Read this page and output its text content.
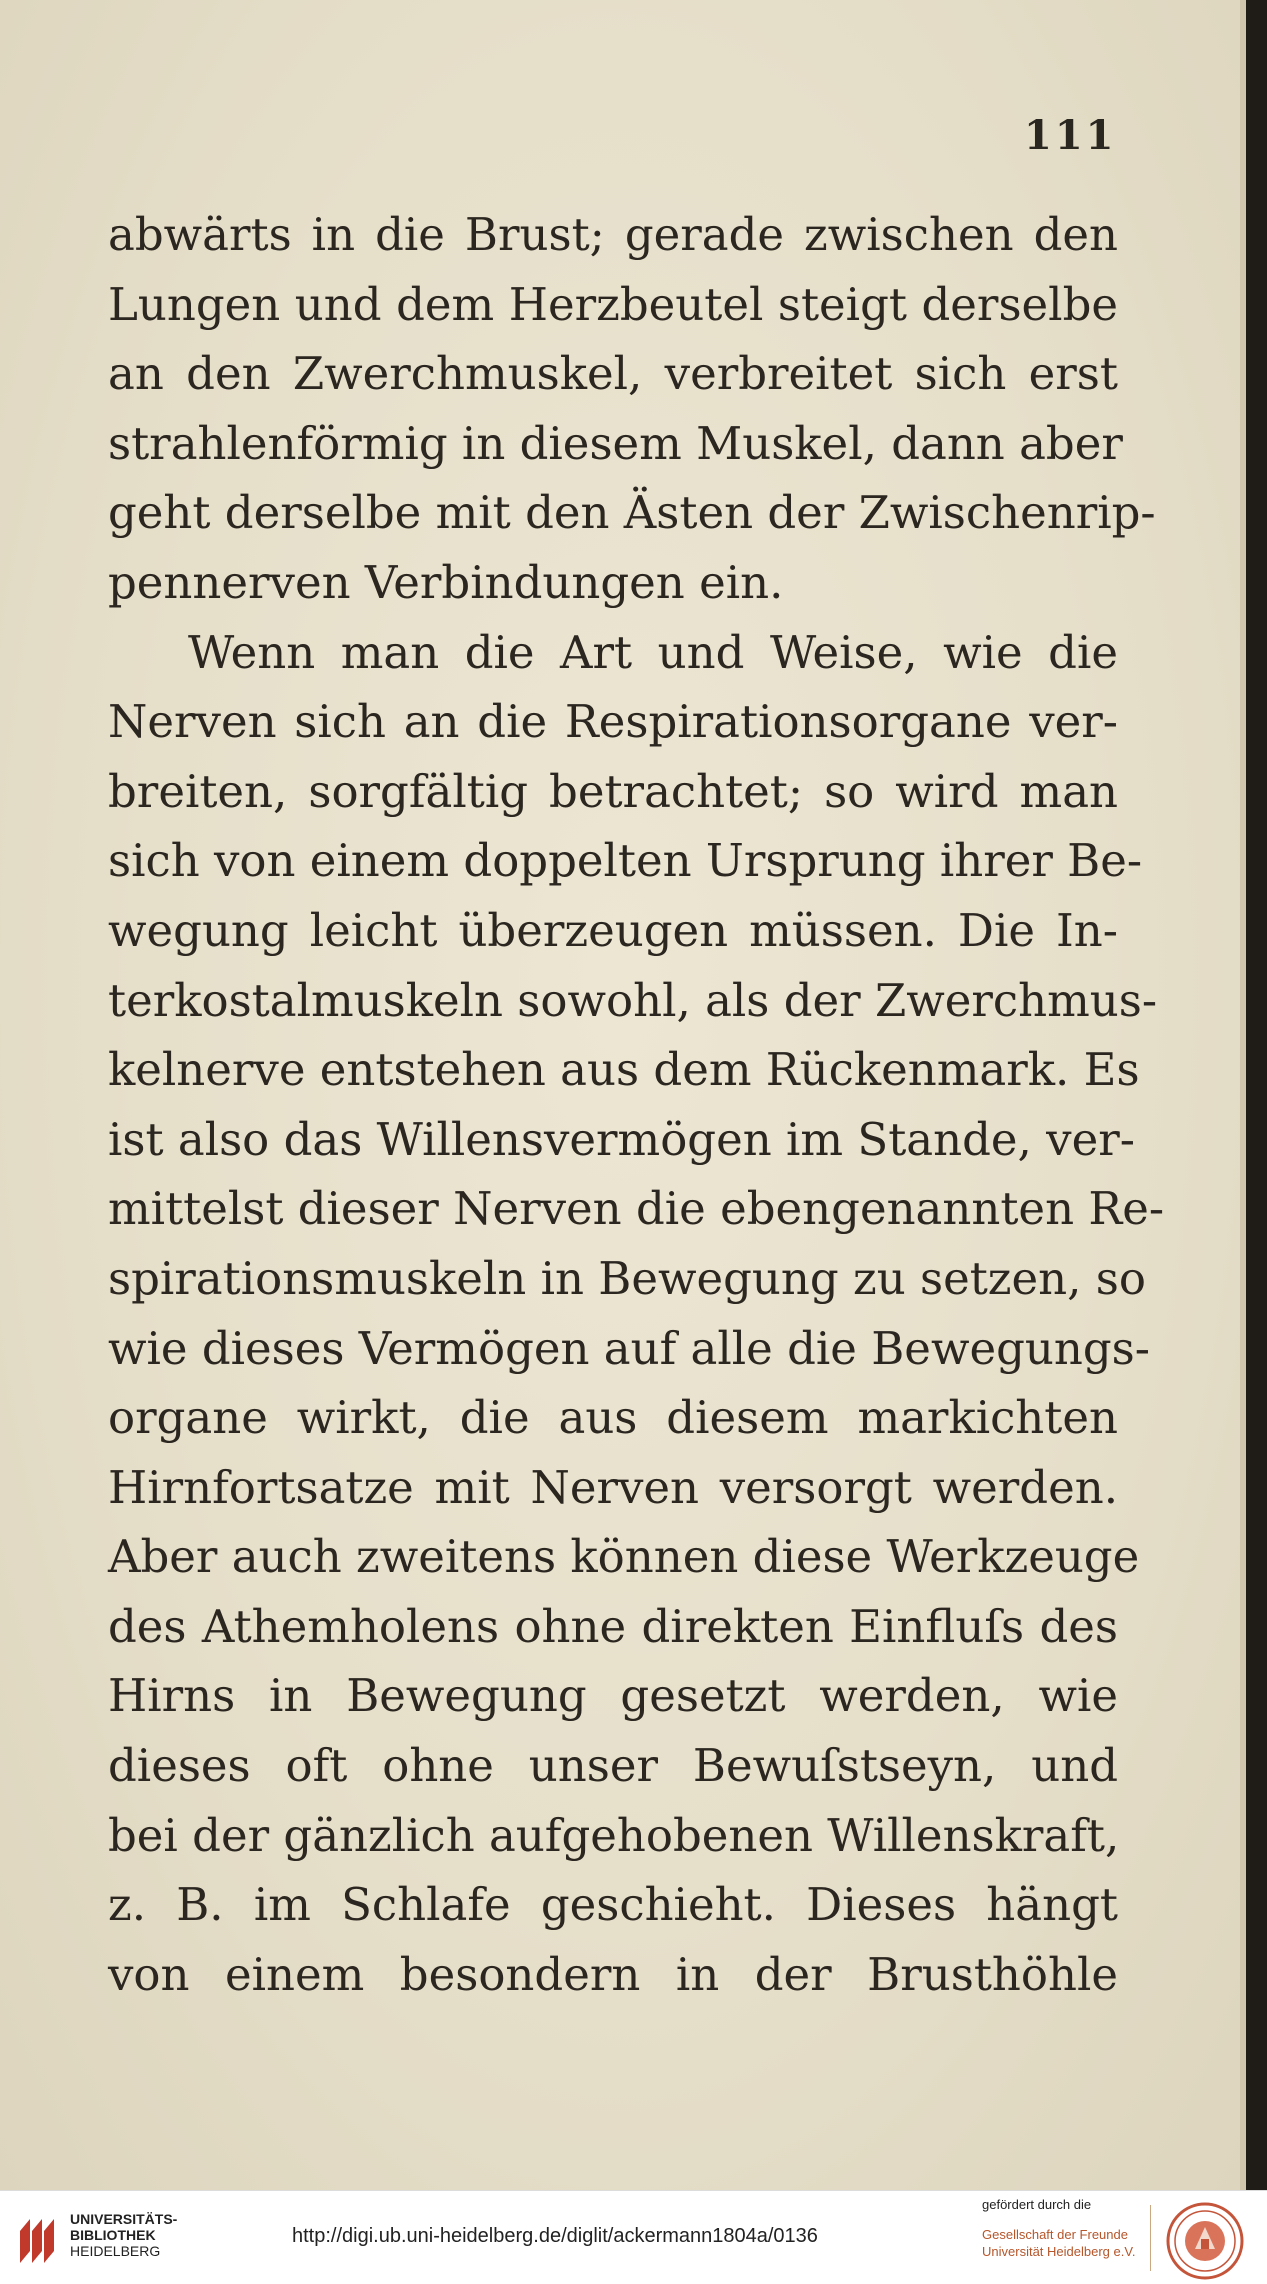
111
abwärts in die Brust; gerade zwischen den
Lungen und dem Herzbeutel steigt derselbe
an den Zwerchmuskel, verbreitet sich erst
strahlenförmig in diesem Muskel, dann aber
geht derselbe mit den Ästen der Zwischenrip-
pennerven Verbindungen ein.
Wenn man die Art und Weise, wie die
Nerven sich an die Respirationsorgane ver-
breiten, sorgfältig betrachtet; so wird man
sich von einem doppelten Ursprung ihrer Be-
wegung leicht überzeugen müssen. Die In-
terkostalmuskeln sowohl, als der Zwerchmus-
kelnerve entstehen aus dem Rückenmark. Es
ist also das Willensvermögen im Stande, ver-
mittelst dieser Nerven die ebengenannten Re-
spirationsmuskeln in Bewegung zu setzen, so
wie dieses Vermögen auf alle die Bewegungs-
organe wirkt, die aus diesem markichten
Hirnfortsatze mit Nerven versorgt werden.
Aber auch zweitens können diese Werkzeuge
des Athemholens ohne direkten Einfluſs des
Hirns in Bewegung gesetzt werden, wie
dieses oft ohne unser Bewuſstseyn, und
bei der gänzlich aufgehobenen Willenskraft,
z. B. im Schlafe geschieht. Dieses hängt
von einem besondern in der Brusthöhle
UNIVERSITÄTS-
BIBLIOTHEK
HEIDELBERG
http://digi.ub.uni-heidelberg.de/diglit/ackermann1804a/0136
gefördert durch die
Gesellschaft der Freunde
Universität Heidelberg e.V.
